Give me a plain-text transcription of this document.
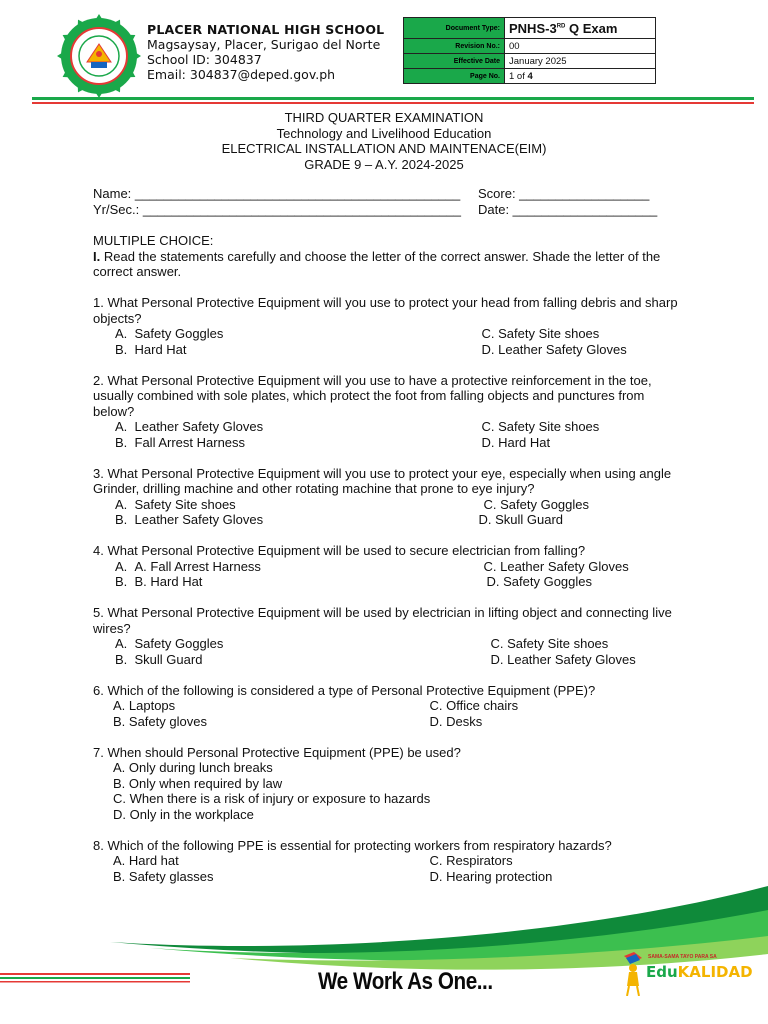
PLACER NATIONAL HIGH SCHOOL
Magsaysay, Placer, Surigao del Norte
School ID: 304837
Email: 304837@deped.gov.ph
Document Type:	PNHS-3RD Q Exam
Revision No.:	00
Effective Date	January 2025
Page No.	1 of 4
THIRD QUARTER EXAMINATION
Technology and Livelihood Education
ELECTRICAL INSTALLATION AND MAINTENACE(EIM)
GRADE 9 – A.Y. 2024-2025
Name: _____________________________________________ Score: __________________
Yr/Sec.: ____________________________________________ Date: ____________________

MULTIPLE CHOICE:

I. Read the statements carefully and choose the letter of the correct answer. Shade the letter of the correct answer.

1. What Personal Protective Equipment will you use to protect your head from falling debris and sharp objects?

A.  Safety Goggles	C. Safety Site shoes
B.  Hard Hat	D. Leather Safety Gloves

2. What Personal Protective Equipment will you use to have a protective reinforcement in the toe, usually combined with sole plates, which protect the foot from falling objects and punctures from below?

A.  Leather Safety Gloves	C. Safety Site shoes
B.  Fall Arrest Harness	D. Hard Hat

3. What Personal Protective Equipment will you use to protect your eye, especially when using angle Grinder, drilling machine and other rotating machine that prone to eye injury?

A.  Safety Site shoes	C. Safety Goggles
B.  Leather Safety Gloves	D. Skull Guard

4. What Personal Protective Equipment will be used to secure electrician from falling?

A.  A. Fall Arrest Harness	C. Leather Safety Gloves
B.  B. Hard Hat	D. Safety Goggles

5. What Personal Protective Equipment will be used by electrician in lifting object and connecting live wires?

A.  Safety Goggles	C. Safety Site shoes
B.  Skull Guard	D. Leather Safety Gloves

6. Which of the following is considered a type of Personal Protective Equipment (PPE)?

A. Laptops	C. Office chairs
B. Safety gloves	D. Desks

7. When should Personal Protective Equipment (PPE) be used?

A. Only during lunch breaks
B. Only when required by law
C. When there is a risk of injury or exposure to hazards
D. Only in the workplace

8. Which of the following PPE is essential for protecting workers from respiratory hazards?

A. Hard hat	C. Respirators
B. Safety glasses	D. Hearing protection
We Work As One...
SAMA-SAMA TAYO PARA SA
EduKALIDAD
